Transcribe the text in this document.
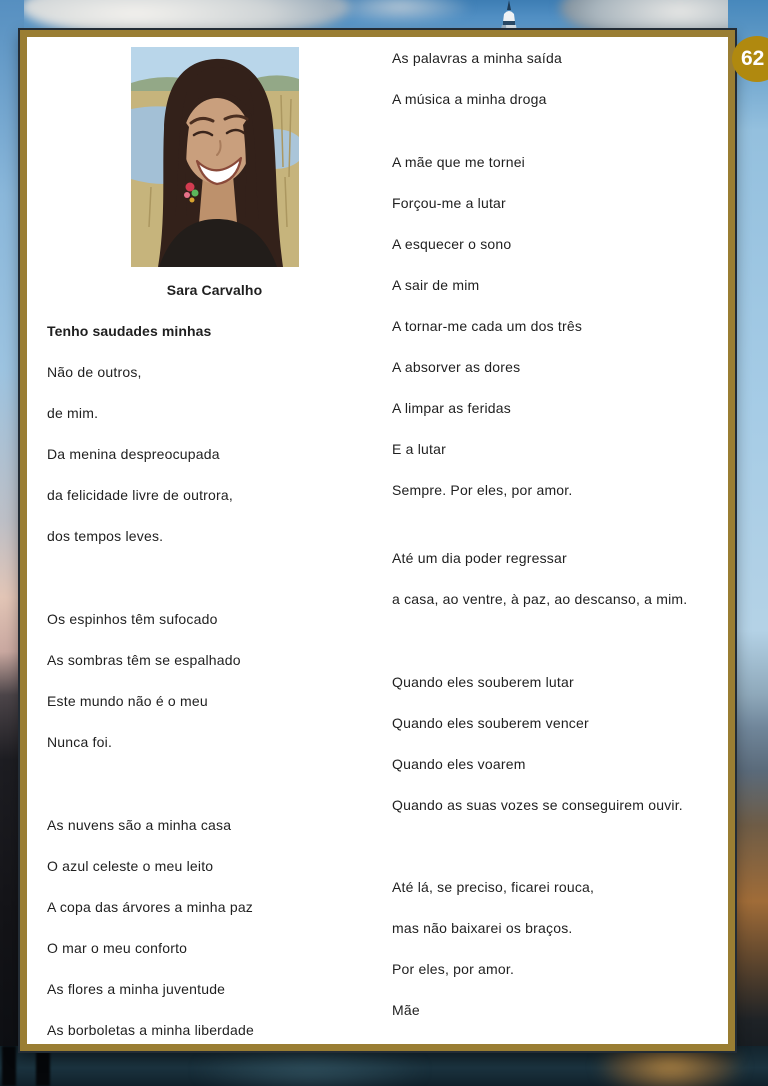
62
Sara Carvalho
Tenho saudades minhas
Não de outros,
de mim.
Da menina despreocupada
da felicidade livre de outrora,
dos tempos leves.
Os espinhos têm sufocado
As sombras têm se espalhado
Este mundo não é o meu
Nunca foi.
As nuvens são a minha casa
O azul celeste o meu leito
A copa das árvores a minha paz
O mar o meu conforto
As flores a minha juventude
As borboletas a minha liberdade
As palavras a minha saída
A música a minha droga
A mãe que me tornei
Forçou-me a lutar
A esquecer o sono
A sair de mim
A tornar-me cada um dos três
A absorver as dores
A limpar as feridas
E a lutar
Sempre. Por eles, por amor.
Até um dia poder regressar
a casa, ao ventre, à paz, ao descanso, a mim.
Quando eles souberem lutar
Quando eles souberem vencer
Quando eles voarem
Quando as suas vozes se conseguirem ouvir.
Até lá, se preciso, ficarei rouca,
mas não baixarei os braços.
Por eles, por amor.
Mãe
